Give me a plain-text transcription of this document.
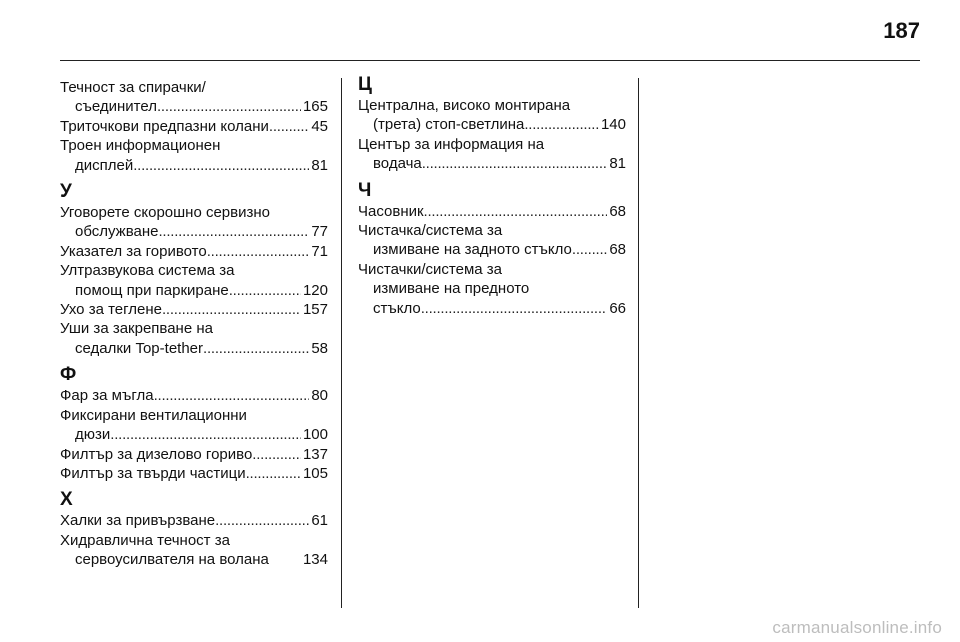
187
Течност за спирачки/
съединител . . .	165
Триточкови предпазни колани . . .	45
Троен информационен
дисплей . . .	81
У
Уговорете скорошно сервизно
обслужване . . .	77
Указател за горивото . . .	71
Ултразвукова система за
помощ при паркиране . . .	120
Ухо за теглене . . .	157
Уши за закрепване на
седалки Top-tether . . .	58
Ф
Фар за мъгла . . .	80
Фиксирани вентилационни
дюзи . . .	100
Филтър за дизелово гориво . . .	137
Филтър за твърди частици . . .	105
Х
Халки за привързване . . .	61
Хидравлична течност за
сервоусилвателя на волана 134
Ц
Централна, високо монтирана
(трета) стоп-светлина . . .	140
Център за информация на
водача . . .	81
Ч
Часовник . . .	68
Чистачка/система за
измиване на задното стъкло . . . 68
Чистачки/система за
измиване на предното
стъкло . . .	66
carmanualsonline.info
